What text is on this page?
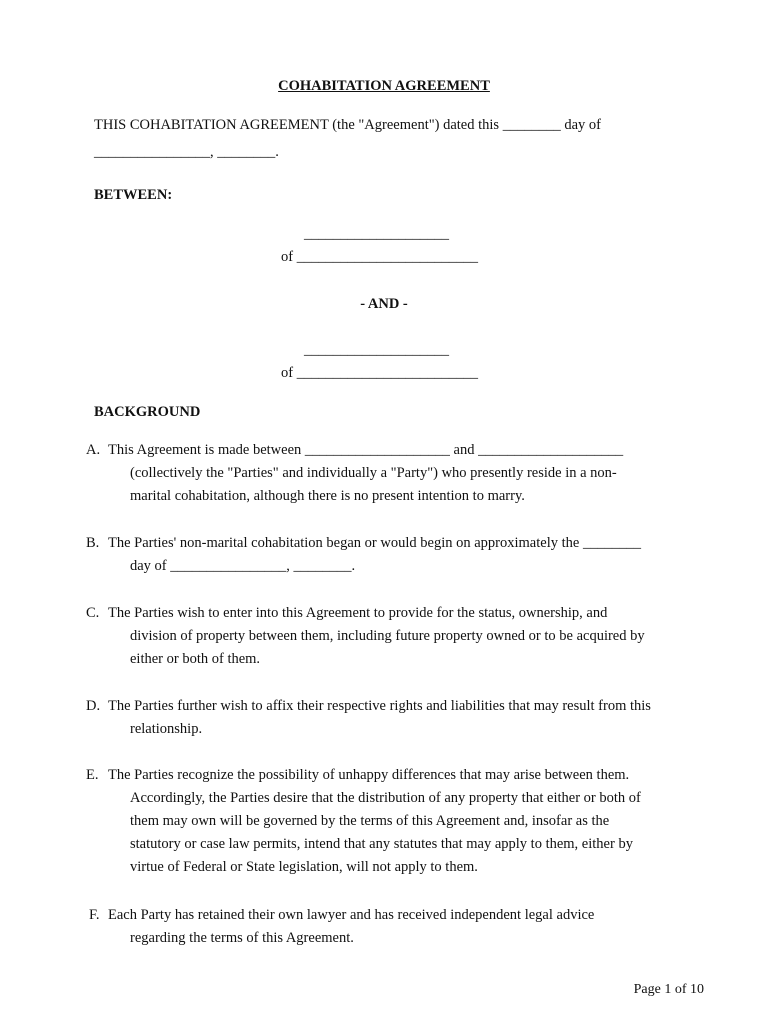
COHABITATION AGREEMENT
THIS COHABITATION AGREEMENT (the "Agreement") dated this ________ day of
________________, ________.
BETWEEN:
____________________
of _________________________
- AND -
____________________
of _________________________
BACKGROUND
A. This Agreement is made between ____________________ and ____________________
(collectively the "Parties" and individually a "Party") who presently reside in a non-
marital cohabitation, although there is no present intention to marry.
B. The Parties' non-marital cohabitation began or would begin on approximately the ________
day of ________________, ________.
C. The Parties wish to enter into this Agreement to provide for the status, ownership, and
division of property between them, including future property owned or to be acquired by
either or both of them.
D. The Parties further wish to affix their respective rights and liabilities that may result from this
relationship.
E. The Parties recognize the possibility of unhappy differences that may arise between them.
Accordingly, the Parties desire that the distribution of any property that either or both of
them may own will be governed by the terms of this Agreement and, insofar as the
statutory or case law permits, intend that any statutes that may apply to them, either by
virtue of Federal or State legislation, will not apply to them.
F. Each Party has retained their own lawyer and has received independent legal advice
regarding the terms of this Agreement.
Page 1 of 10
